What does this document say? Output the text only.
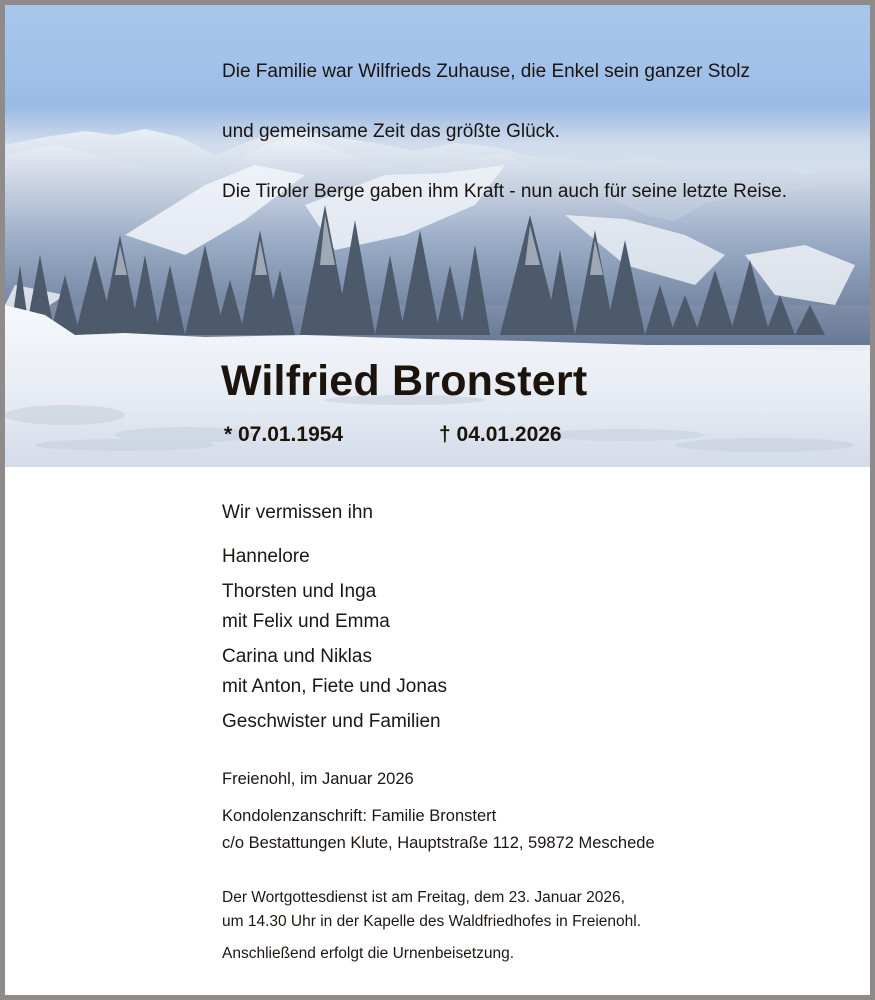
Die Familie war Wilfrieds Zuhause, die Enkel sein ganzer Stolz

und gemeinsame Zeit das größte Glück.

Die Tiroler Berge gaben ihm Kraft - nun auch für seine letzte Reise.

Wilfried Bronstert
* 07.01.1954	† 04.01.2026
Wir vermissen ihn
Hannelore
Thorsten und Inga
mit Felix und Emma
Carina und Niklas
mit Anton, Fiete und Jonas
Geschwister und Familien
Freienohl, im Januar 2026
Kondolenzanschrift: Familie Bronstert
c/o Bestattungen Klute, Hauptstraße 112, 59872 Meschede
Der Wortgottesdienst ist am Freitag, dem 23. Januar 2026,
um 14.30 Uhr in der Kapelle des Waldfriedhofes in Freienohl.
Anschließend erfolgt die Urnenbeisetzung.
